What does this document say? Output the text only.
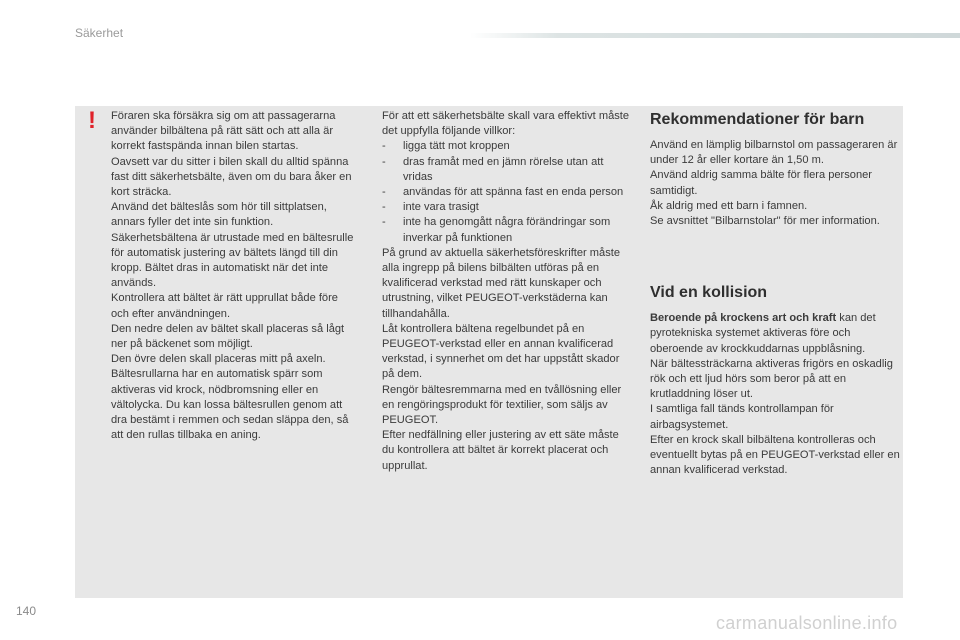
Säkerhet
!	Föraren ska försäkra sig om att passagerarna använder bilbältena på rätt sätt och att alla är korrekt fastspända innan bilen startas.

Oavsett var du sitter i bilen skall du alltid spänna fast ditt säkerhetsbälte, även om du bara åker en kort sträcka.

Använd det bälteslås som hör till sittplatsen, annars fyller det inte sin funktion.

Säkerhetsbältena är utrustade med en bältesrulle för automatisk justering av bältets längd till din kropp. Bältet dras in automatiskt när det inte används.

Kontrollera att bältet är rätt upprullat både före och efter användningen.

Den nedre delen av bältet skall placeras så lågt ner på bäckenet som möjligt.

Den övre delen skall placeras mitt på axeln.

Bältesrullarna har en automatisk spärr som aktiveras vid krock, nödbromsning eller en vältolycka. Du kan lossa bältesrullen genom att dra bestämt i remmen och sedan släppa den, så att den rullas tillbaka en aning.

För att ett säkerhetsbälte skall vara effektivt måste det uppfylla följande villkor:

- ligga tätt mot kroppen
- dras framåt med en jämn rörelse utan att vridas
- användas för att spänna fast en enda person
- inte vara trasigt
- inte ha genomgått några förändringar som inverkar på funktionen

På grund av aktuella säkerhetsföreskrifter måste alla ingrepp på bilens bilbälten utföras på en kvalificerad verkstad med rätt kunskaper och utrustning, vilket PEUGEOT-verkstäderna kan tillhandahålla.

Låt kontrollera bältena regelbundet på en PEUGEOT-verkstad eller en annan kvalificerad verkstad, i synnerhet om det har uppstått skador på dem.

Rengör bältesremmarna med en tvållösning eller en rengöringsprodukt för textilier, som säljs av PEUGEOT.

Efter nedfällning eller justering av ett säte måste du kontrollera att bältet är korrekt placerat och upprullat.

Rekommendationer för barn

Använd en lämplig bilbarnstol om passageraren är under 12 år eller kortare än 1,50 m.

Använd aldrig samma bälte för flera personer samtidigt.

Åk aldrig med ett barn i famnen.

Se avsnittet "Bilbarnstolar" för mer information.

Vid en kollision

Beroende på krockens art och kraft kan det pyrotekniska systemet aktiveras före och oberoende av krockkuddarnas uppblåsning.

När bältessträckarna aktiveras frigörs en oskadlig rök och ett ljud hörs som beror på att en krutladdning löser ut.

I samtliga fall tänds kontrollampan för airbagsystemet.

Efter en krock skall bilbältena kontrolleras och eventuellt bytas på en PEUGEOT-verkstad eller en annan kvalificerad verkstad.

140
carmanualsonline.info
